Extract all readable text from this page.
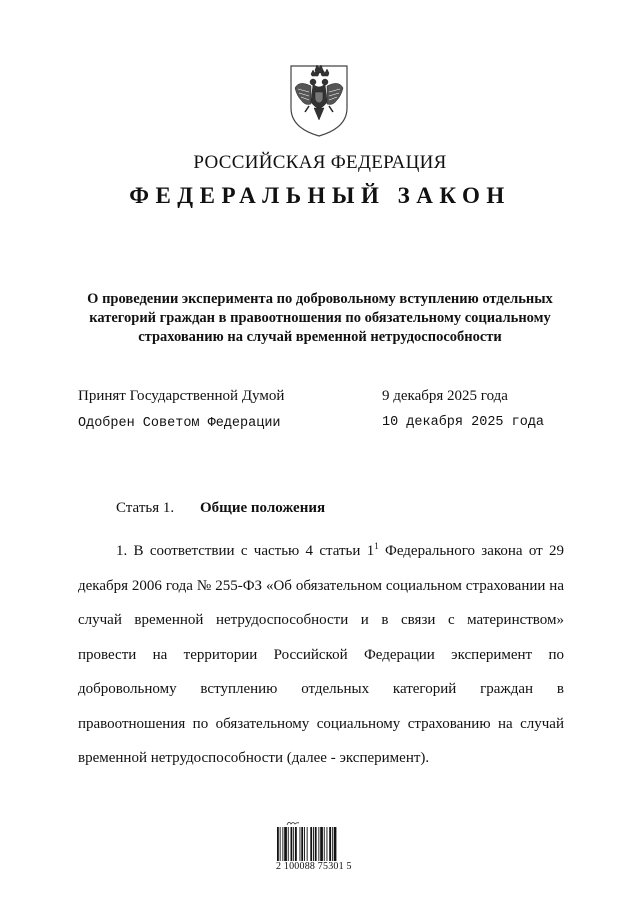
РОССИЙСКАЯ ФЕДЕРАЦИЯ
ФЕДЕРАЛЬНЫЙ ЗАКОН
О проведении эксперимента по добровольному вступлению отдельных
категорий граждан в правоотношения по обязательному социальному
страхованию на случай временной нетрудоспособности
Принят Государственной Думой	9 декабря 2025 года
Одобрен Советом Федерации	10 декабря 2025 года
Статья 1. Общие положения
1. В соответствии с частью 4 статьи $1^1$ Федерального закона от 29 декабря 2006 года № 255-ФЗ «Об обязательном социальном страховании на случай временной нетрудоспособности и в связи с материнством» провести на территории Российской Федерации эксперимент по добровольному вступлению отдельных категорий граждан в правоотношения по обязательному социальному страхованию на случай временной нетрудоспособности (далее - эксперимент).
2 100088 75301 5
